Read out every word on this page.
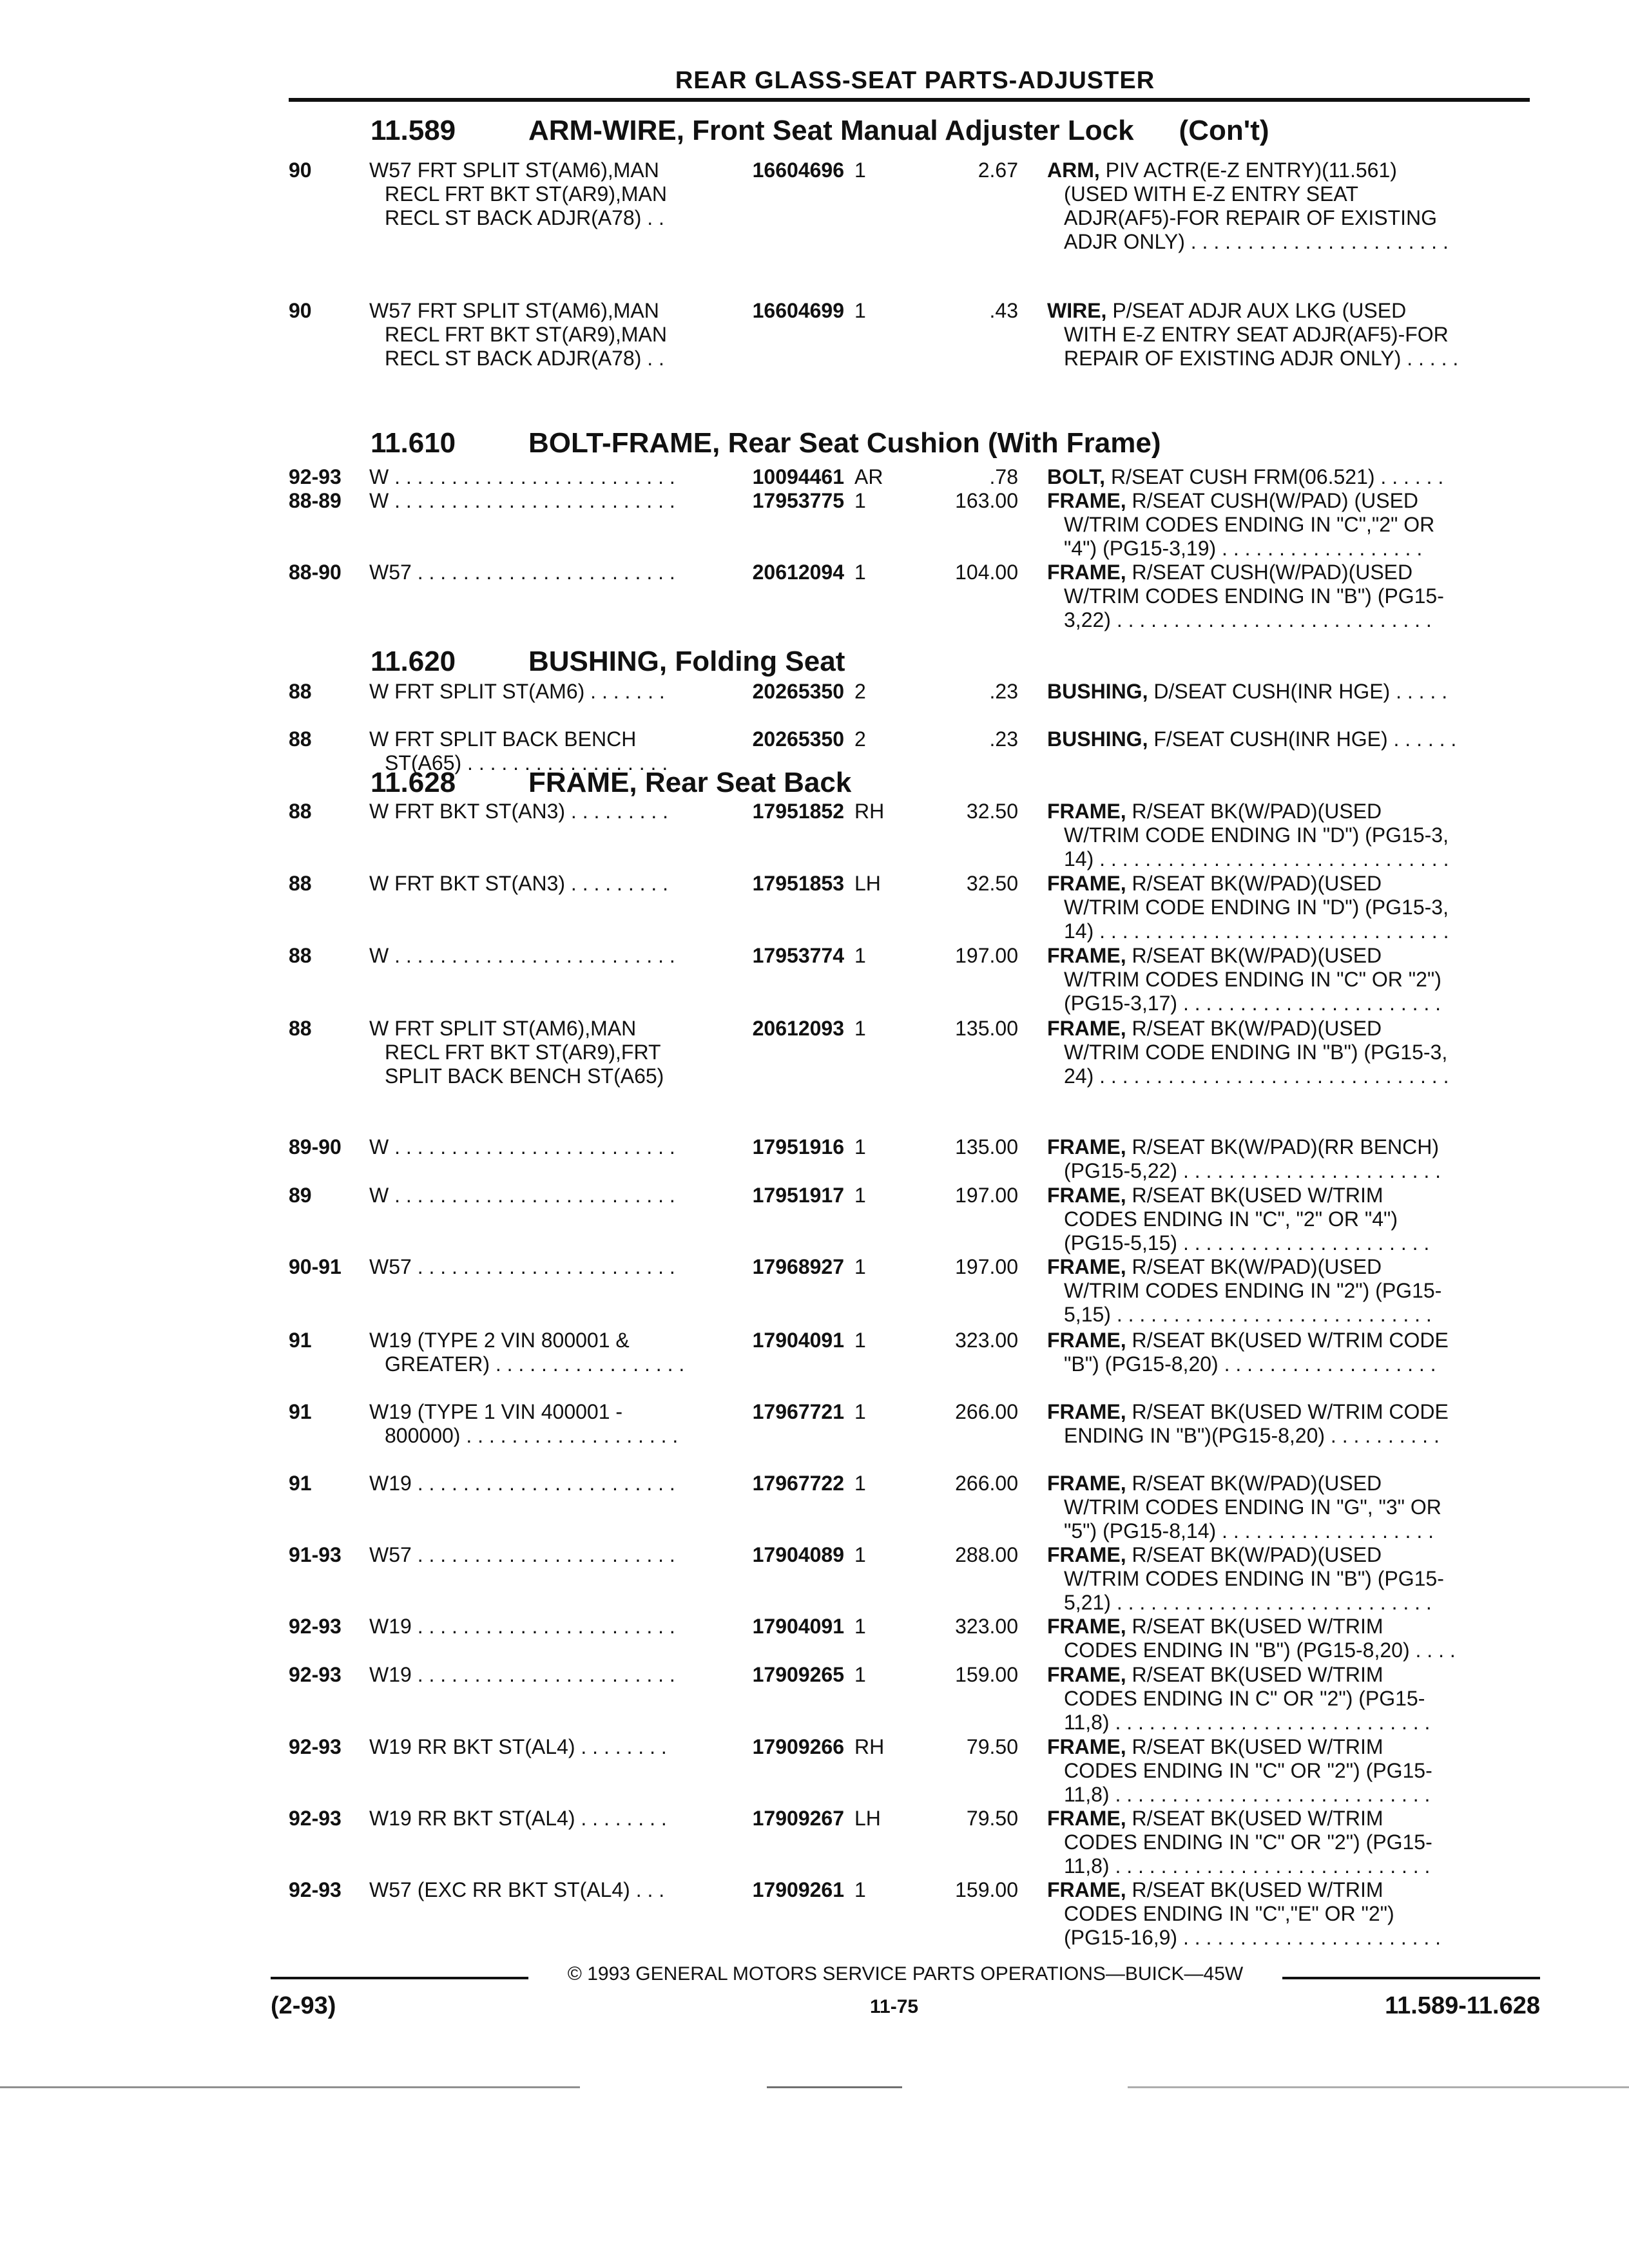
REAR GLASS-SEAT PARTS-ADJUSTER
11.589	ARM-WIRE, Front Seat Manual Adjuster Lock (Con't)
11.610	BOLT-FRAME, Rear Seat Cushion (With Frame)
11.620	BUSHING, Folding Seat
11.628	FRAME, Rear Seat Back
90	W57 FRT SPLIT ST(AM6),MAN
RECL FRT BKT ST(AR9),MAN
RECL ST BACK ADJR(A78) . .
16604696 1	2.67 ARM, PIV ACTR(E-Z ENTRY)(11.561)
(USED WITH E-Z ENTRY SEAT
ADJR(AF5)-FOR REPAIR OF EXISTING
ADJR ONLY) . . . . . . . . . . . . . . . . . . . . . . .
90	W57 FRT SPLIT ST(AM6),MAN
RECL FRT BKT ST(AR9),MAN
RECL ST BACK ADJR(A78) . .
16604699 1	.43 WIRE, P/SEAT ADJR AUX LKG (USED
WITH E-Z ENTRY SEAT ADJR(AF5)-FOR
REPAIR OF EXISTING ADJR ONLY) . . . . .
92-93 W . . . . . . . . . . . . . . . . . . . . . . . . .	10094461 AR	.78 BOLT, R/SEAT CUSH FRM(06.521) . . . . . .
88-89 W . . . . . . . . . . . . . . . . . . . . . . . . .	17953775 1	163.00 FRAME, R/SEAT CUSH(W/PAD) (USED
W/TRIM CODES ENDING IN "C","2" OR
"4") (PG15-3,19) . . . . . . . . . . . . . . . . . .
88-90 W57 . . . . . . . . . . . . . . . . . . . . . . .	20612094 1	104.00 FRAME, R/SEAT CUSH(W/PAD)(USED
W/TRIM CODES ENDING IN "B") (PG15-
3,22) . . . . . . . . . . . . . . . . . . . . . . . . . . . .
88	W FRT SPLIT ST(AM6) . . . . . . .	20265350 2	.23 BUSHING, D/SEAT CUSH(INR HGE) . . . . .
88	W FRT SPLIT BACK BENCH
ST(A65) . . . . . . . . . . . . . . . . . .
20265350 2	.23 BUSHING, F/SEAT CUSH(INR HGE) . . . . . .
88	W FRT BKT ST(AN3) . . . . . . . . .	17951852 RH	32.50 FRAME, R/SEAT BK(W/PAD)(USED
W/TRIM CODE ENDING IN "D") (PG15-3,
14) . . . . . . . . . . . . . . . . . . . . . . . . . . . . . . .
88	W FRT BKT ST(AN3) . . . . . . . . .	17951853 LH	32.50 FRAME, R/SEAT BK(W/PAD)(USED
W/TRIM CODE ENDING IN "D") (PG15-3,
14) . . . . . . . . . . . . . . . . . . . . . . . . . . . . . . .
88	W . . . . . . . . . . . . . . . . . . . . . . . . .	17953774 1	197.00 FRAME, R/SEAT BK(W/PAD)(USED
W/TRIM CODES ENDING IN "C" OR "2")
(PG15-3,17) . . . . . . . . . . . . . . . . . . . . . . .
88	W FRT SPLIT ST(AM6),MAN
RECL FRT BKT ST(AR9),FRT
SPLIT BACK BENCH ST(A65)
20612093 1	135.00 FRAME, R/SEAT BK(W/PAD)(USED
W/TRIM CODE ENDING IN "B") (PG15-3,
24) . . . . . . . . . . . . . . . . . . . . . . . . . . . . . . .
89-90 W . . . . . . . . . . . . . . . . . . . . . . . . .	17951916 1	135.00 FRAME, R/SEAT BK(W/PAD)(RR BENCH)
(PG15-5,22) . . . . . . . . . . . . . . . . . . . . . . .
89	W . . . . . . . . . . . . . . . . . . . . . . . . .	17951917 1	197.00 FRAME, R/SEAT BK(USED W/TRIM
CODES ENDING IN "C", "2" OR "4")
(PG15-5,15) . . . . . . . . . . . . . . . . . . . . . .
90-91 W57 . . . . . . . . . . . . . . . . . . . . . . .	17968927 1	197.00 FRAME, R/SEAT BK(W/PAD)(USED
W/TRIM CODES ENDING IN "2") (PG15-
5,15) . . . . . . . . . . . . . . . . . . . . . . . . . . . .
91	W19 (TYPE 2 VIN 800001 &
GREATER) . . . . . . . . . . . . . . . . .
17904091 1	323.00 FRAME, R/SEAT BK(USED W/TRIM CODE
"B") (PG15-8,20) . . . . . . . . . . . . . . . . . . .
91	W19 (TYPE 1 VIN 400001 -
800000) . . . . . . . . . . . . . . . . . . .
17967721 1	266.00 FRAME, R/SEAT BK(USED W/TRIM CODE
ENDING IN "B")(PG15-8,20) . . . . . . . . . .
91	W19 . . . . . . . . . . . . . . . . . . . . . . .	17967722 1	266.00 FRAME, R/SEAT BK(W/PAD)(USED
W/TRIM CODES ENDING IN "G", "3" OR
"5") (PG15-8,14) . . . . . . . . . . . . . . . . . . .
91-93 W57 . . . . . . . . . . . . . . . . . . . . . . .	17904089 1	288.00 FRAME, R/SEAT BK(W/PAD)(USED
W/TRIM CODES ENDING IN "B") (PG15-
5,21) . . . . . . . . . . . . . . . . . . . . . . . . . . . .
92-93 W19 . . . . . . . . . . . . . . . . . . . . . . .	17904091 1	323.00 FRAME, R/SEAT BK(USED W/TRIM
CODES ENDING IN "B") (PG15-8,20) . . . .
92-93 W19 . . . . . . . . . . . . . . . . . . . . . . .	17909265 1	159.00 FRAME, R/SEAT BK(USED W/TRIM
CODES ENDING IN C" OR "2") (PG15-
11,8) . . . . . . . . . . . . . . . . . . . . . . . . . . . .
92-93 W19 RR BKT ST(AL4) . . . . . . . .	17909266 RH	79.50 FRAME, R/SEAT BK(USED W/TRIM
CODES ENDING IN "C" OR "2") (PG15-
11,8) . . . . . . . . . . . . . . . . . . . . . . . . . . . .
92-93 W19 RR BKT ST(AL4) . . . . . . . .	17909267 LH	79.50 FRAME, R/SEAT BK(USED W/TRIM
CODES ENDING IN "C" OR "2") (PG15-
11,8) . . . . . . . . . . . . . . . . . . . . . . . . . . . .
92-93 W57 (EXC RR BKT ST(AL4) . . .	17909261 1	159.00 FRAME, R/SEAT BK(USED W/TRIM
CODES ENDING IN "C","E" OR "2")
(PG15-16,9) . . . . . . . . . . . . . . . . . . . . . . .
© 1993 GENERAL MOTORS SERVICE PARTS OPERATIONS—BUICK—45W
(2-93)	11-75	11.589-11.628
